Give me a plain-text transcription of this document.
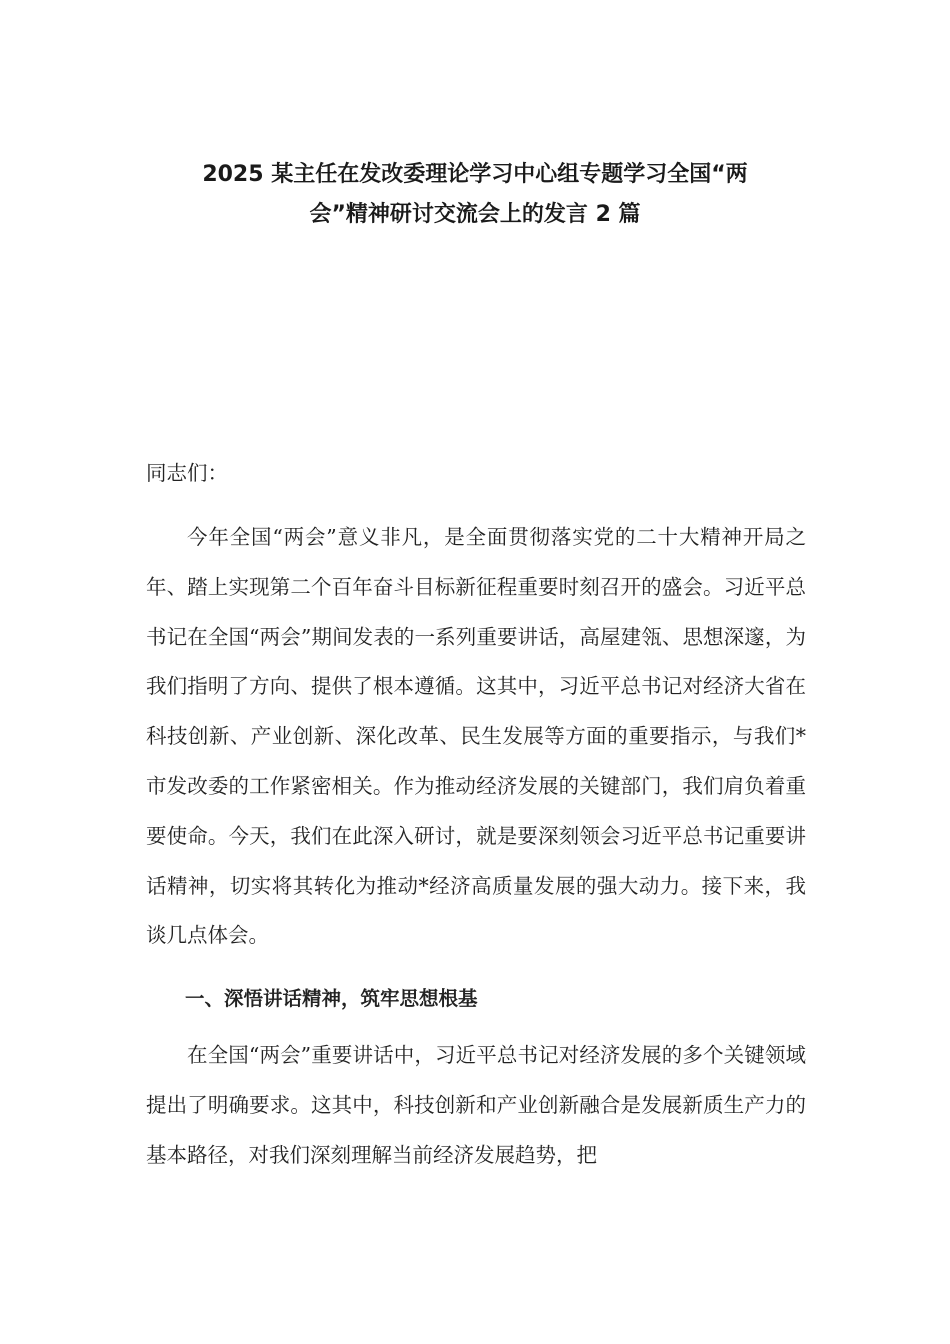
2025 某主任在发改委理论学习中心组专题学习全国“两
会”精神研讨交流会上的发言 2 篇

同志们：

今年全国“两会”意义非凡，是全面贯彻落实党的二十大精神开局之年、踏上实现第二个百年奋斗目标新征程重要时刻召开的盛会。习近平总书记在全国“两会”期间发表的一系列重要讲话，高屋建瓴、思想深邃，为我们指明了方向、提供了根本遵循。这其中，习近平总书记对经济大省在科技创新、产业创新、深化改革、民生发展等方面的重要指示，与我们*市发改委的工作紧密相关。作为推动经济发展的关键部门，我们肩负着重要使命。今天，我们在此深入研讨，就是要深刻领会习近平总书记重要讲话精神，切实将其转化为推动*经济高质量发展的强大动力。接下来，我谈几点体会。

一、深悟讲话精神，筑牢思想根基

在全国“两会”重要讲话中，习近平总书记对经济发展的多个关键领域提出了明确要求。这其中，科技创新和产业创新融合是发展新质生产力的基本路径，对我们深刻理解当前经济发展趋势，把
